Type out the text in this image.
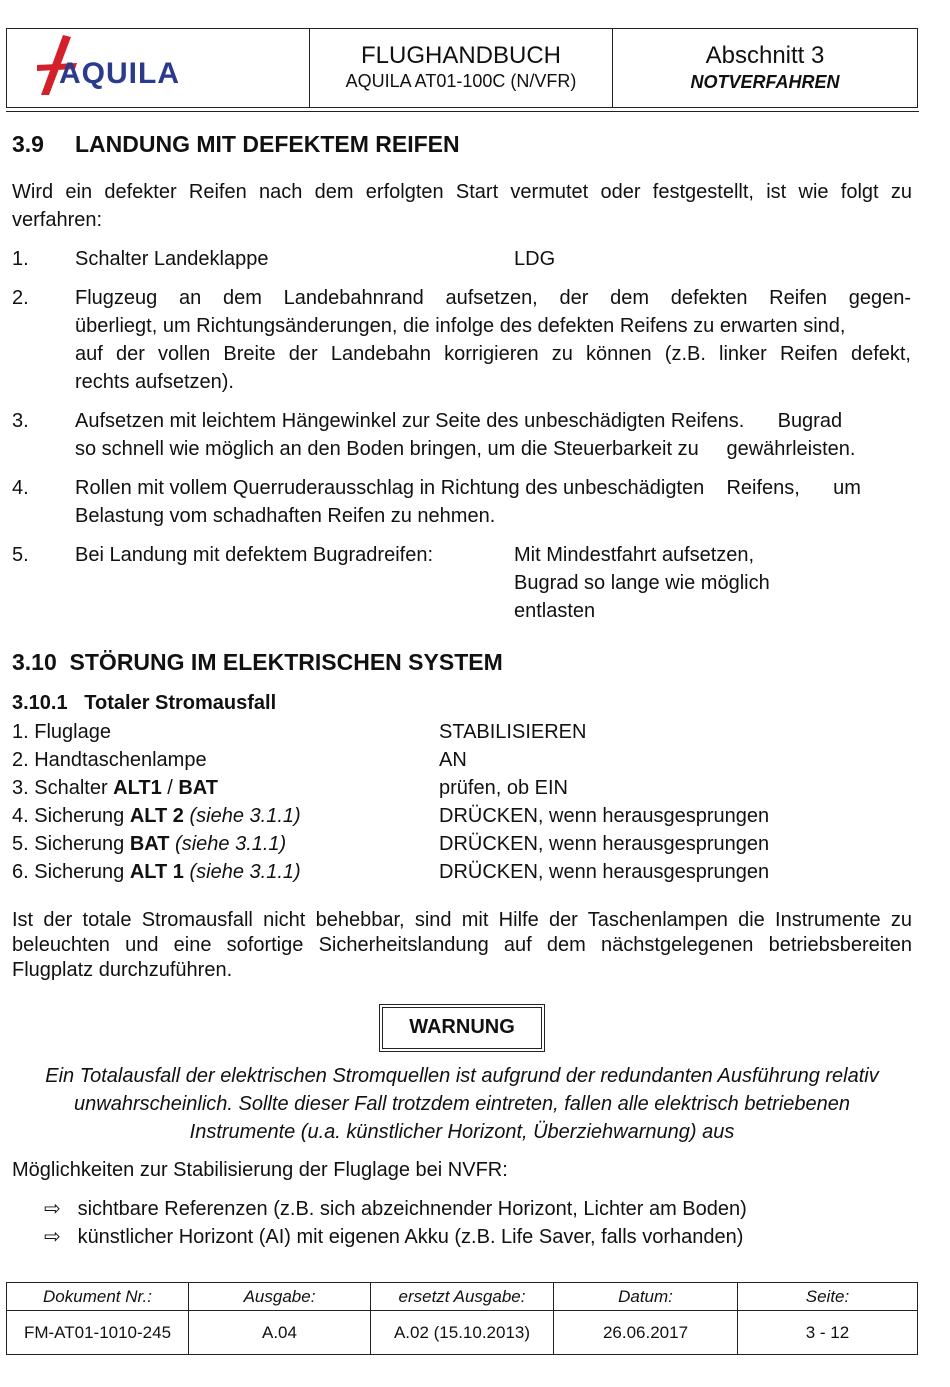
AQUILA
FLUGHANDBUCH
AQUILA AT01-100C (N/VFR)
Abschnitt 3
NOTVERFAHREN
3.9 LANDUNG MIT DEFEKTEM REIFEN
Wird ein defekter Reifen nach dem erfolgten Start vermutet oder festgestellt, ist wie folgt zu
verfahren:
1. Schalter Landeklappe	LDG
2. Flugzeug an dem Landebahnrand aufsetzen, der dem defekten Reifen gegen-
überliegt, um Richtungsänderungen, die infolge des defekten Reifens zu erwarten sind,
auf der vollen Breite der Landebahn korrigieren zu können (z.B. linker Reifen defekt,
rechts aufsetzen).
3. Aufsetzen mit leichtem Hängewinkel zur Seite des unbeschädigten Reifens.      Bugrad
so schnell wie möglich an den Boden bringen, um die Steuerbarkeit zu     gewährleisten.
4. Rollen mit vollem Querruderausschlag in Richtung des unbeschädigten    Reifens,      um
Belastung vom schadhaften Reifen zu nehmen.
5. Bei Landung mit defektem Bugradreifen:	Mit Mindestfahrt aufsetzen,
Bugrad so lange wie möglich
entlasten
3.10  STÖRUNG IM ELEKTRISCHEN SYSTEM
3.10.1   Totaler Stromausfall
1. Fluglage	STABILISIEREN
2. Handtaschenlampe	AN
3. Schalter ALT1 / BAT	prüfen, ob EIN
4. Sicherung ALT 2 (siehe 3.1.1)	DRÜCKEN, wenn herausgesprungen
5. Sicherung BAT (siehe 3.1.1)	DRÜCKEN, wenn herausgesprungen
6. Sicherung ALT 1 (siehe 3.1.1)	DRÜCKEN, wenn herausgesprungen
Ist der totale Stromausfall nicht behebbar, sind mit Hilfe der Taschenlampen die Instrumente zu
beleuchten und eine sofortige Sicherheitslandung auf dem nächstgelegenen betriebsbereiten
Flugplatz durchzuführen.
WARNUNG
Ein Totalausfall der elektrischen Stromquellen ist aufgrund der redundanten Ausführung relativ
unwahrscheinlich. Sollte dieser Fall trotzdem eintreten, fallen alle elektrisch betriebenen
Instrumente (u.a. künstlicher Horizont, Überziehwarnung) aus
Möglichkeiten zur Stabilisierung der Fluglage bei NVFR:
⇨ sichtbare Referenzen (z.B. sich abzeichnender Horizont, Lichter am Boden)
⇨ künstlicher Horizont (AI) mit eigenen Akku (z.B. Life Saver, falls vorhanden)
Dokument Nr.:	Ausgabe:	ersetzt Ausgabe:	Datum:	Seite:
FM-AT01-1010-245	A.04	A.02 (15.10.2013)	26.06.2017	3 - 12
